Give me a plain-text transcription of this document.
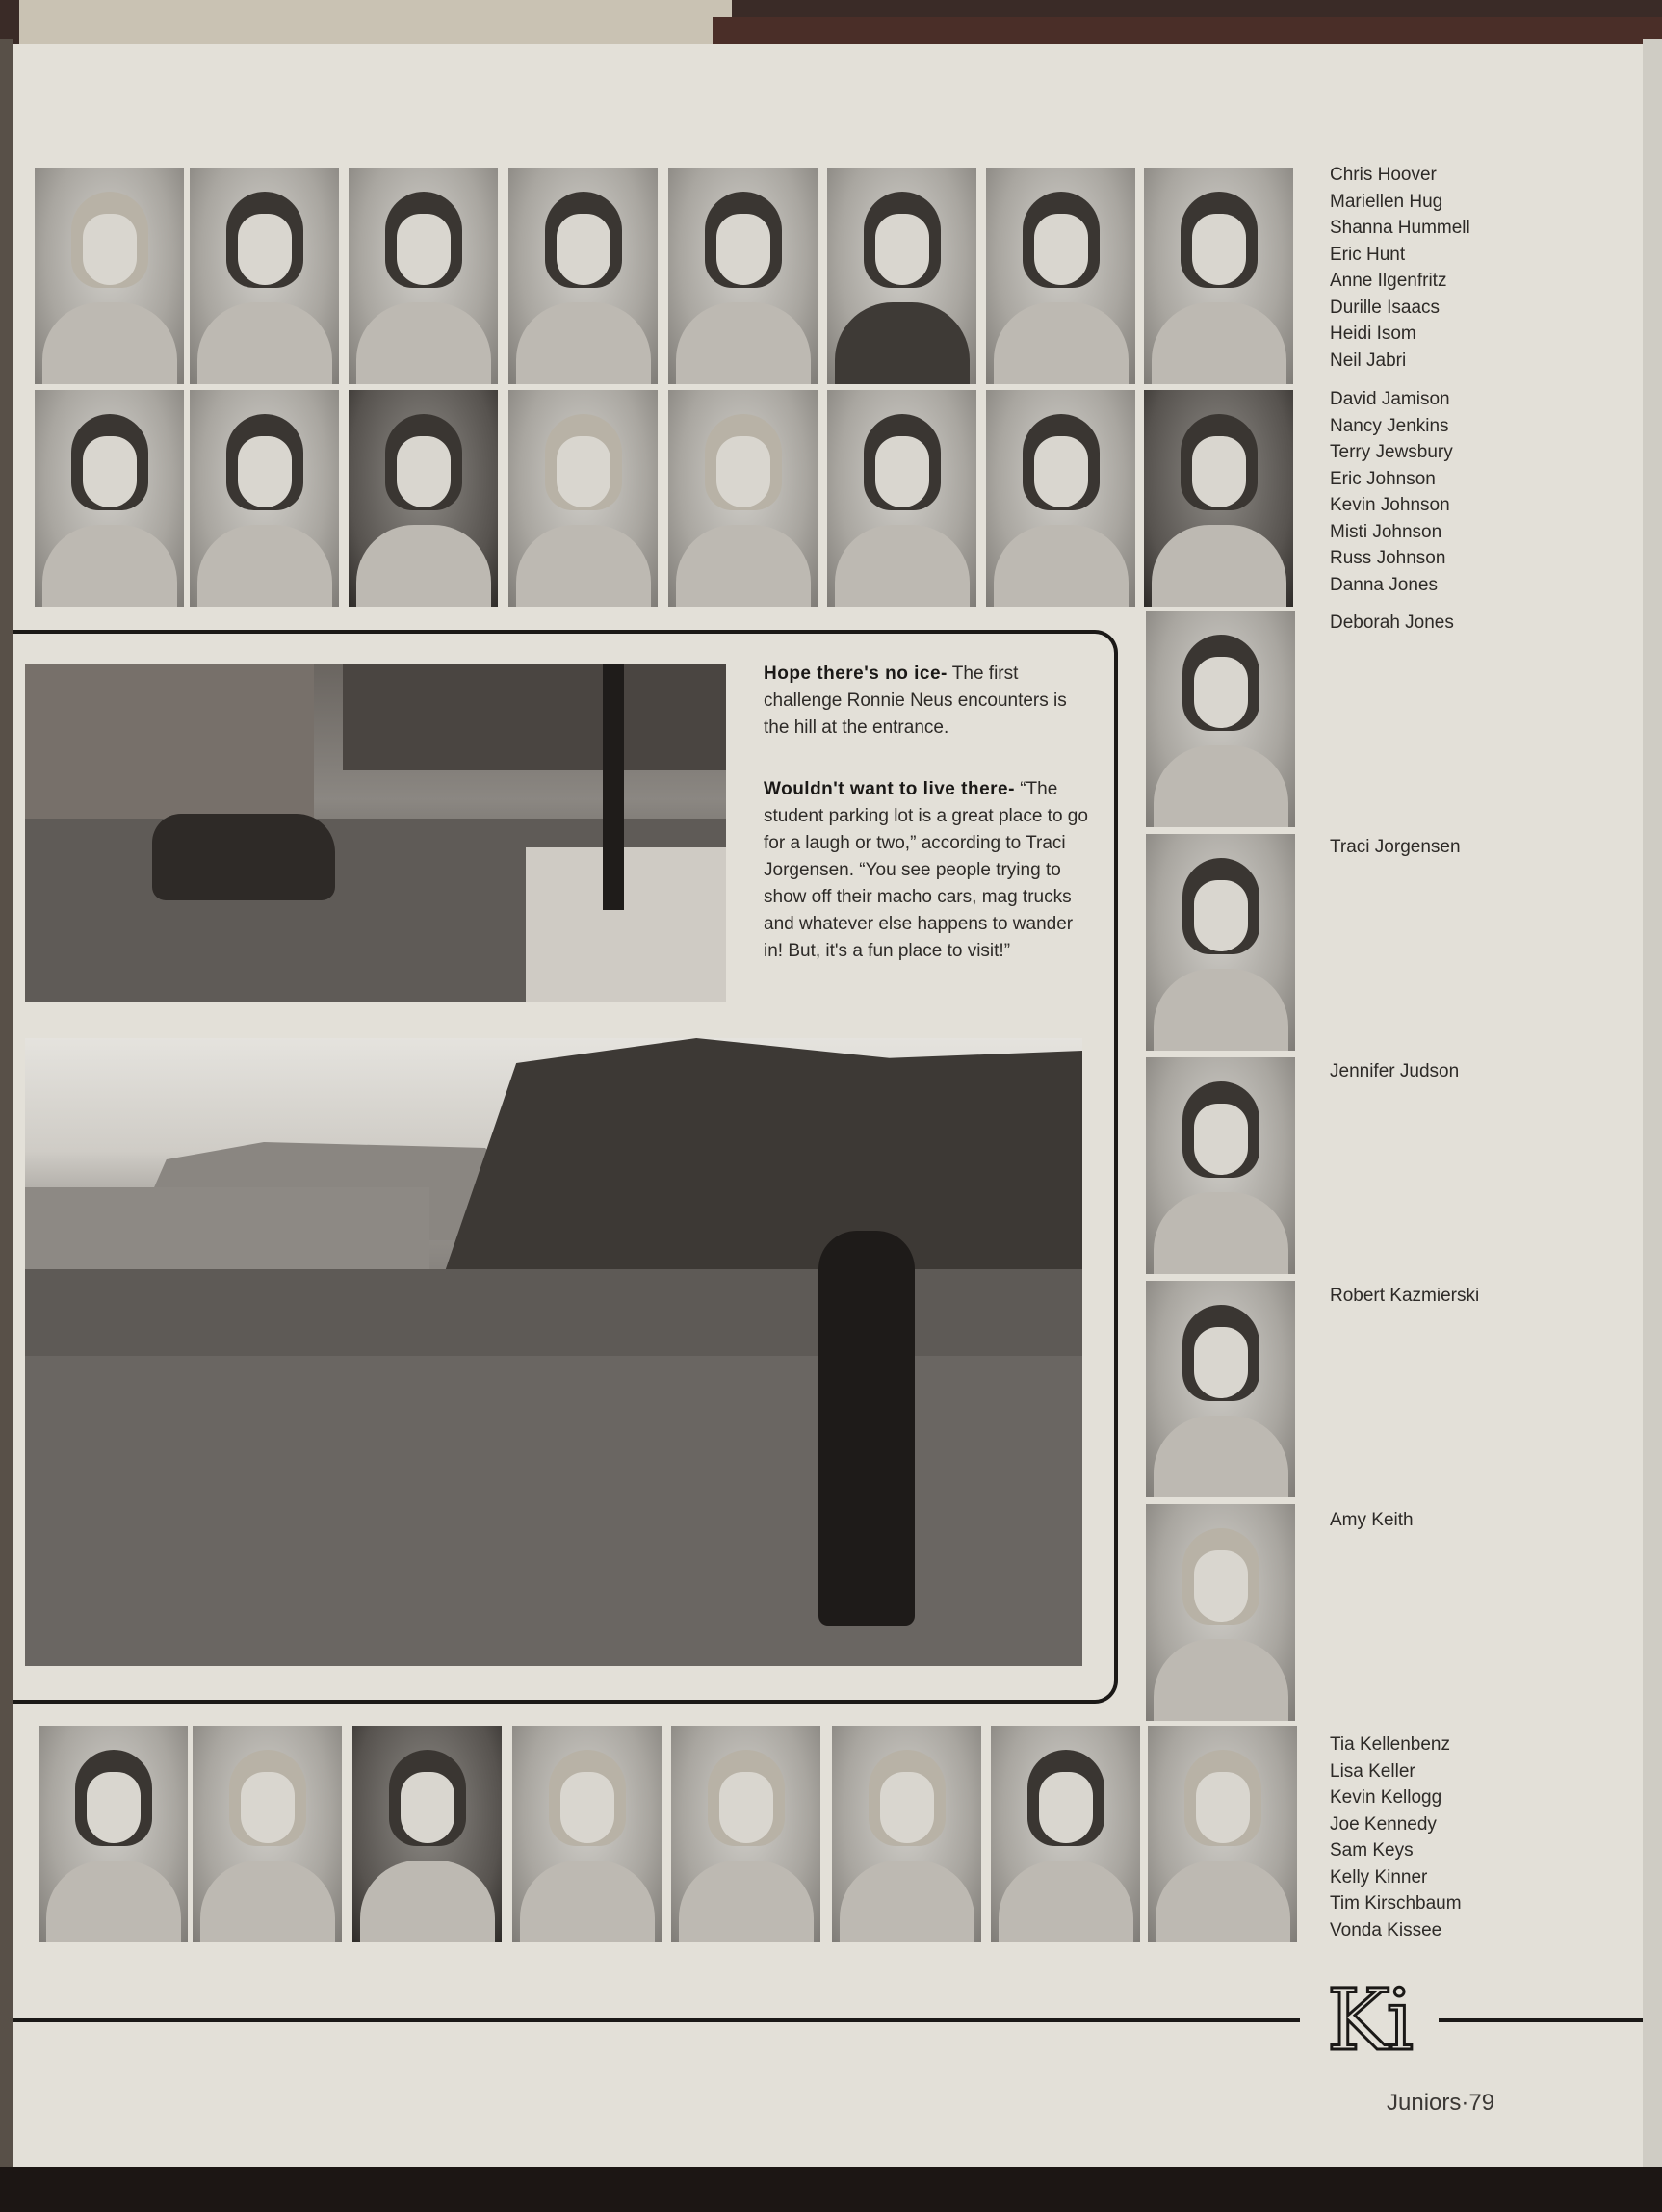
Chris Hoover
Mariellen Hug
Shanna Hummell
Eric Hunt
Anne Ilgenfritz
Durille Isaacs
Heidi Isom
Neil Jabri
David Jamison
Nancy Jenkins
Terry Jewsbury
Eric Johnson
Kevin Johnson
Misti Johnson
Russ Johnson
Danna Jones

Hope there's no ice- The first challenge Ronnie Neus encounters is the hill at the entrance.

Wouldn't want to live there- “The student parking lot is a great place to go for a laugh or two,” according to Traci Jorgensen. “You see people trying to show off their macho cars, mag trucks and whatever else happens to wander in! But, it's a fun place to visit!”

Deborah Jones
Traci Jorgensen
Jennifer Judson
Robert Kazmierski
Amy Keith
Tia Kellenbenz
Lisa Keller
Kevin Kellogg
Joe Kennedy
Sam Keys
Kelly Kinner
Tim Kirschbaum
Vonda Kissee
Ki
Juniors·79
